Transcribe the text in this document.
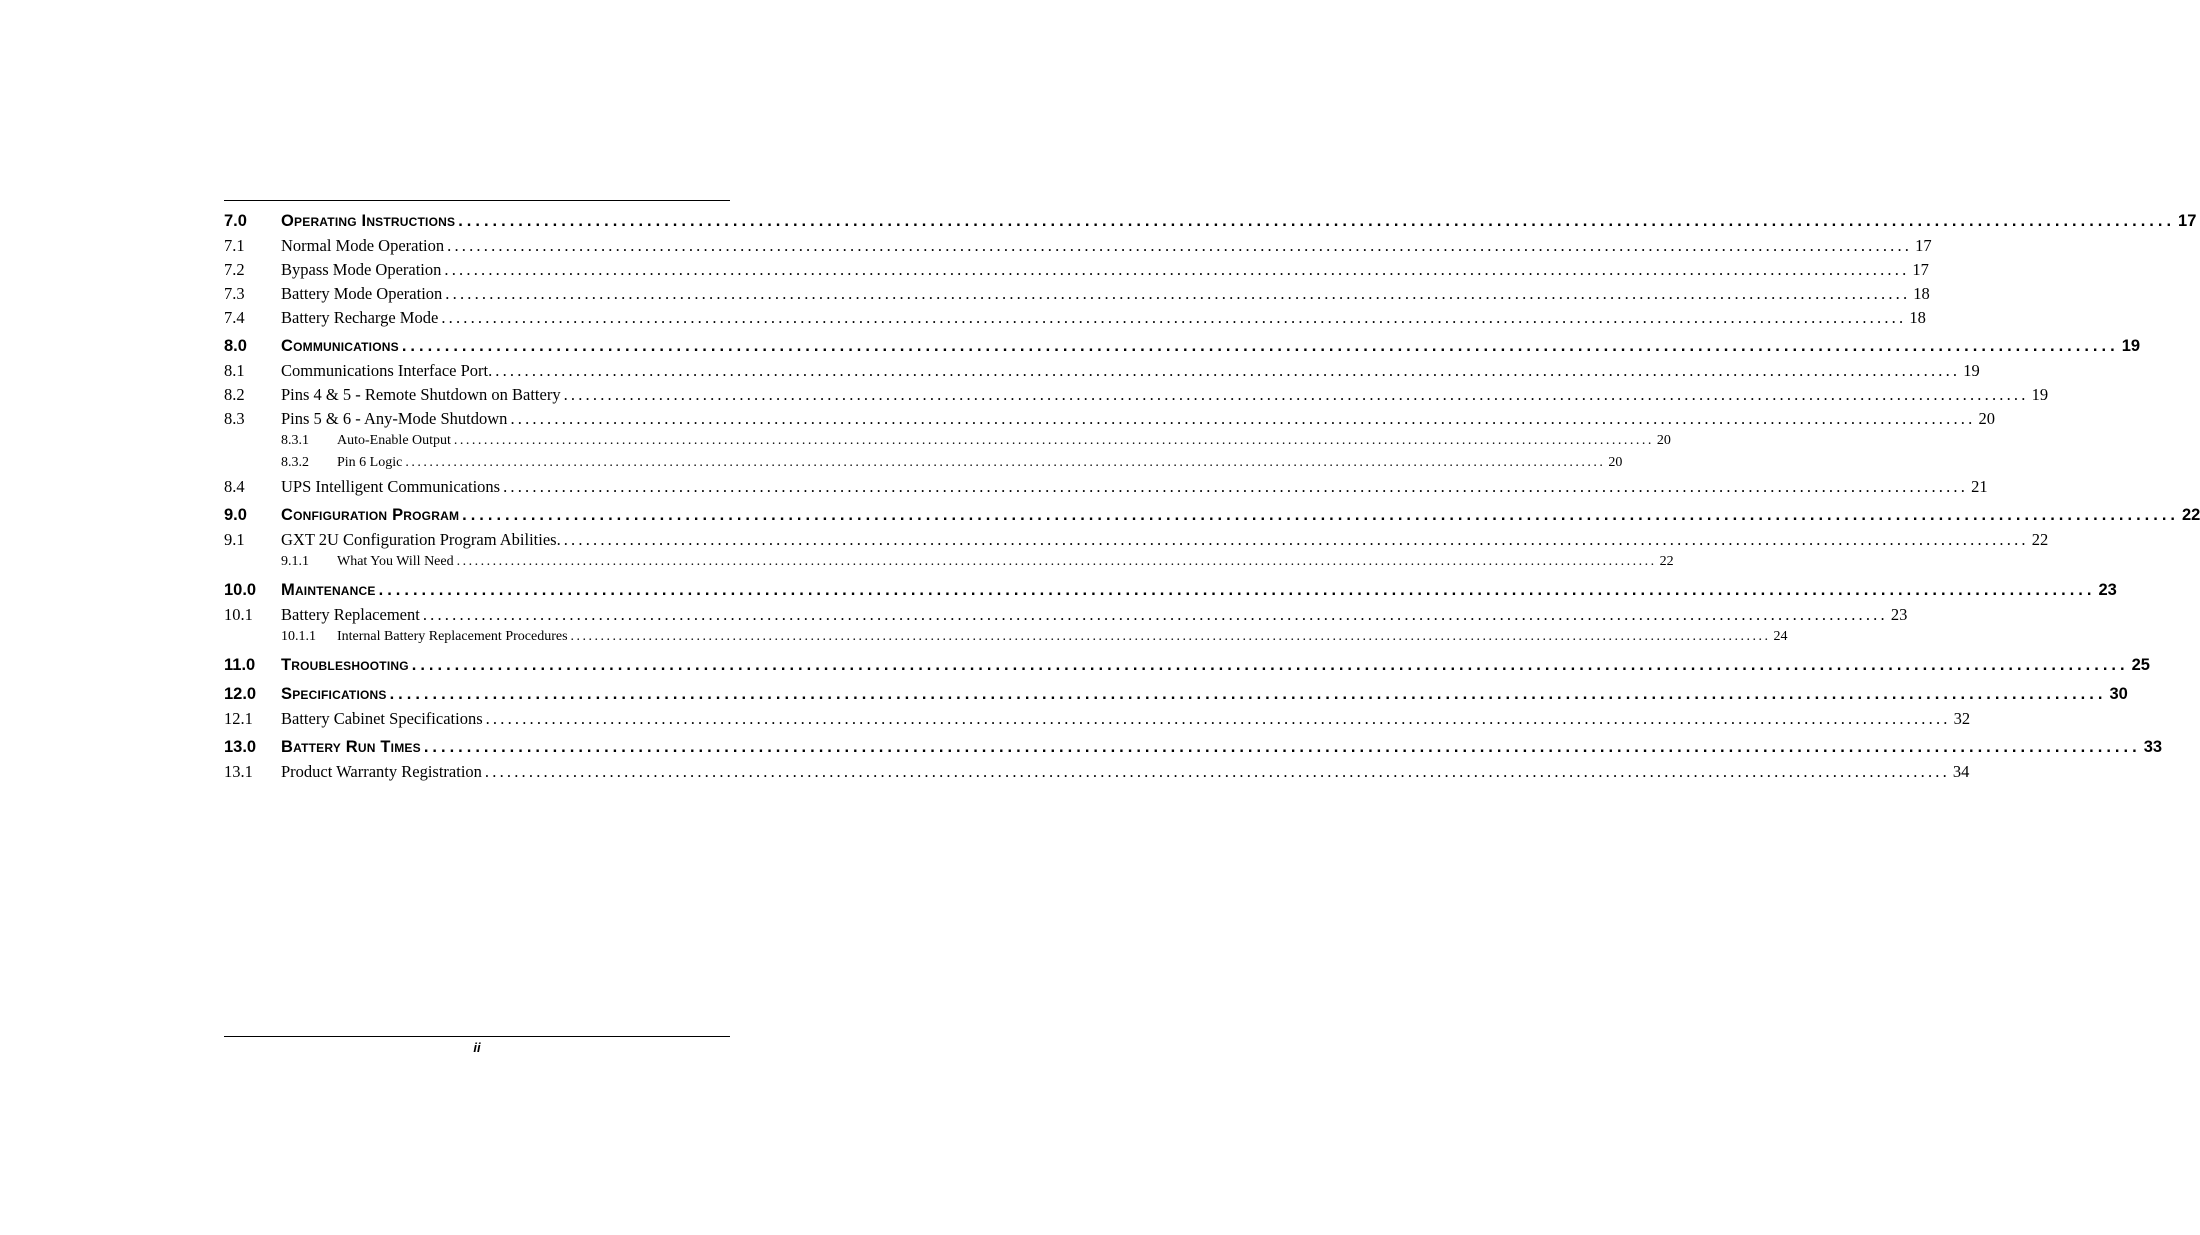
7.0	Operating Instructions ........................................................................................................................................................................................................ 17
7.1	Normal Mode Operation ........................................................................................................................................................................................................ 17
7.2	Bypass Mode Operation ........................................................................................................................................................................................................ 17
7.3	Battery Mode Operation ........................................................................................................................................................................................................ 18
7.4	Battery Recharge Mode ........................................................................................................................................................................................................ 18
8.0	Communications ........................................................................................................................................................................................................ 19
8.1	Communications Interface Port. ........................................................................................................................................................................................................ 19
8.2	Pins 4 & 5 - Remote Shutdown on Battery ........................................................................................................................................................................................................ 19
8.3	Pins 5 & 6 - Any-Mode Shutdown ........................................................................................................................................................................................................ 20
8.3.1	Auto-Enable Output ........................................................................................................................................................................................................ 20
8.3.2	Pin 6 Logic ........................................................................................................................................................................................................ 20
8.4	UPS Intelligent Communications ........................................................................................................................................................................................................ 21
9.0	Configuration Program ........................................................................................................................................................................................................ 22
9.1	GXT 2U Configuration Program Abilities. ........................................................................................................................................................................................................ 22
9.1.1	What You Will Need ........................................................................................................................................................................................................ 22
10.0	Maintenance ........................................................................................................................................................................................................ 23
10.1	Battery Replacement ........................................................................................................................................................................................................ 23
10.1.1	Internal Battery Replacement Procedures ........................................................................................................................................................................................................ 24
11.0	Troubleshooting ........................................................................................................................................................................................................ 25
12.0	Specifications ........................................................................................................................................................................................................ 30
12.1	Battery Cabinet Specifications ........................................................................................................................................................................................................ 32
13.0	Battery Run Times ........................................................................................................................................................................................................ 33
13.1	Product Warranty Registration ........................................................................................................................................................................................................ 34
ii
